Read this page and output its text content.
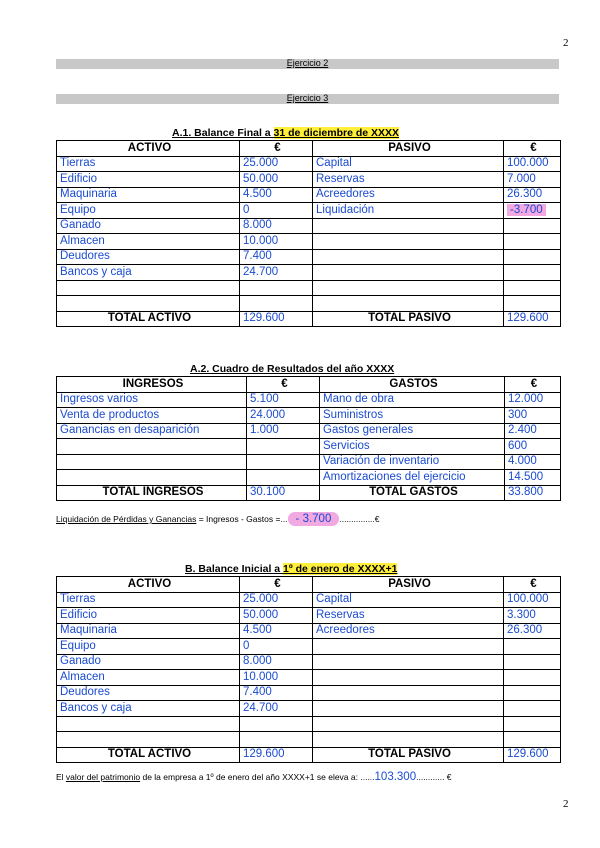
2
Ejercicio 2
Ejercicio 3
A.1. Balance Final a 31 de diciembre de XXXX
ACTIVO	€	PASIVO	€
Tierras	25.000	Capital	100.000
Edificio	50.000	Reservas	7.000
Maquinaria	4.500	Acreedores	26.300
Equipo	0	Liquidación	-3.700
Ganado	8.000		
Almacen	10.000		
Deudores	7.400		
Bancos y caja	24.700		

TOTAL ACTIVO	129.600	TOTAL PASIVO	129.600
A.2. Cuadro de Resultados del año XXXX
INGRESOS	€	GASTOS	€
Ingresos varios	5.100	Mano de obra	12.000
Venta de productos	24.000	Suministros	300
Ganancias en desaparición	1.000	Gastos generales	2.400
		Servicios	600
		Variación de inventario	4.000
		Amortizaciones del ejercicio	14.500
TOTAL INGRESOS	30.100	TOTAL GASTOS	33.800
Liquidación de Pérdidas y Ganancias = Ingresos - Gastos =... - 3.700 ...............€
B. Balance Inicial a 1º de enero de XXXX+1
ACTIVO	€	PASIVO	€
Tierras	25.000	Capital	100.000
Edificio	50.000	Reservas	3.300
Maquinaria	4.500	Acreedores	26.300
Equipo	0		
Ganado	8.000		
Almacen	10.000		
Deudores	7.400		
Bancos y caja	24.700		

TOTAL ACTIVO	129.600	TOTAL PASIVO	129.600
El valor del patrimonio de la empresa a 1º de enero del año XXXX+1 se eleva a: ......103.300............ €
2
